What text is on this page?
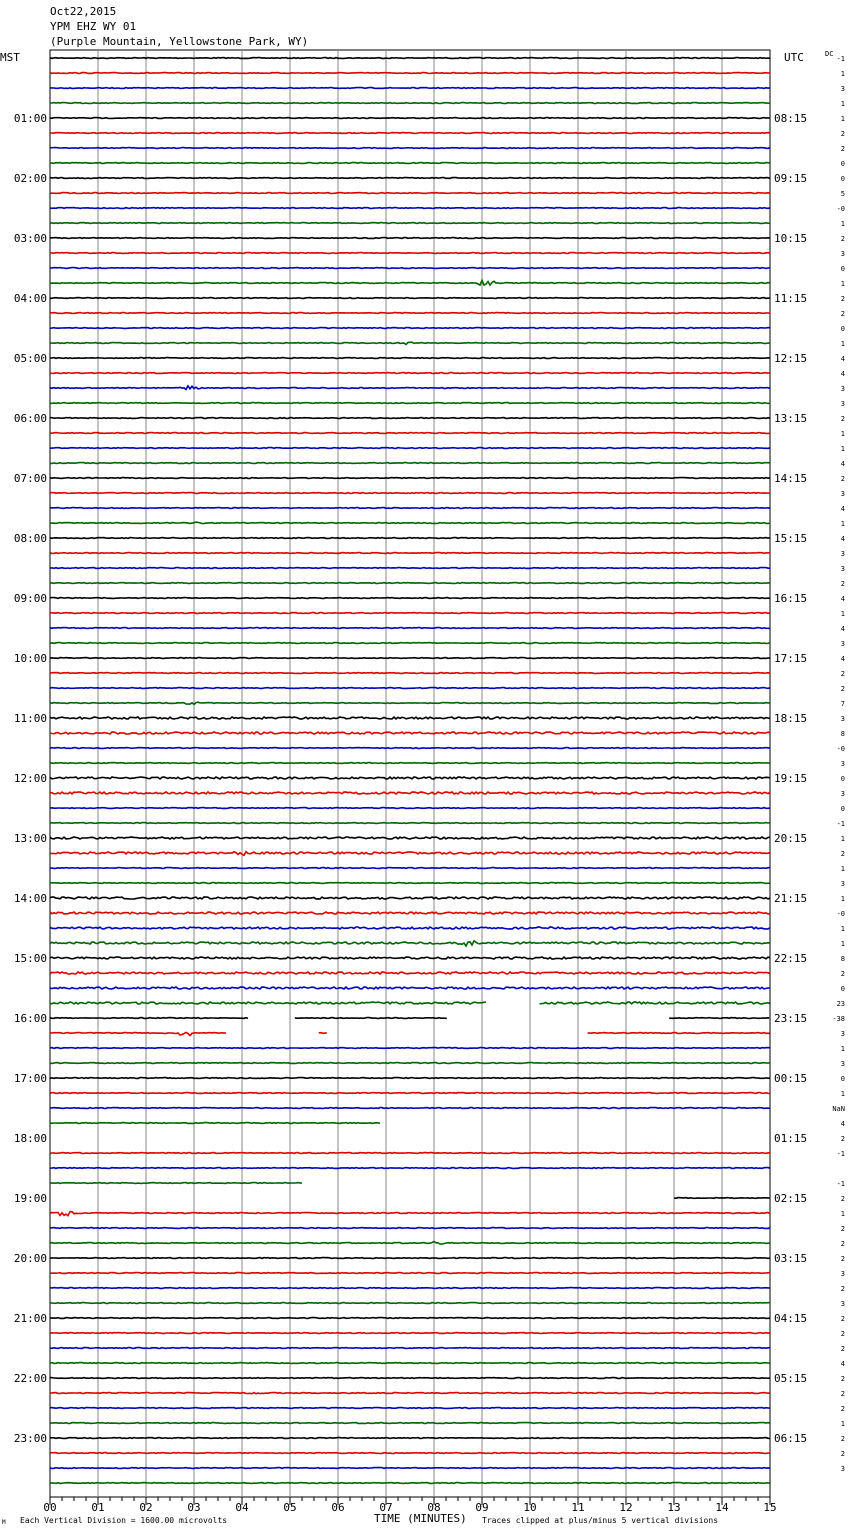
Oct22,2015
YPM EHZ WY 01
(Purple Mountain, Yellowstone Park, WY)
MST	UTC	DC
01:00
02:00
03:00
04:00
05:00
06:00
07:00
08:00
09:00
10:00
11:00
12:00
13:00
14:00
15:00
16:00
17:00
18:00
19:00
20:00
21:00
22:00
23:00
08:15
09:15
10:15
11:15
12:15
13:15
14:15
15:15
16:15
17:15
18:15
19:15
20:15
21:15
22:15
23:15
00:15
01:15
02:15
03:15
04:15
05:15
06:15
-1
1
3
1
1
2
2
0
0
5
-0
1
2
3
0
1
2
2
0
1
4
4
3
3
2
1
1
4
2
3
4
1
4
3
3
2
4
1
4
3
4
2
2
7
3
8
-0
3
0
3
0
-1
1
2
1
3
1
-0
1
1
8
2
0
23
-38
3
1
3
0
1
NaN
4
2
-1
-1
2
1
2
2
2
3
2
3
2
2
2
4
2
2
2
1
2
2
3
00	01	02	03	04	05	06	07	08	09	10	11	12	13	14	15
M Each Vertical Division = 1600.00 microvolts	TIME (MINUTES) Traces clipped at plus/minus 5 vertical divisions
